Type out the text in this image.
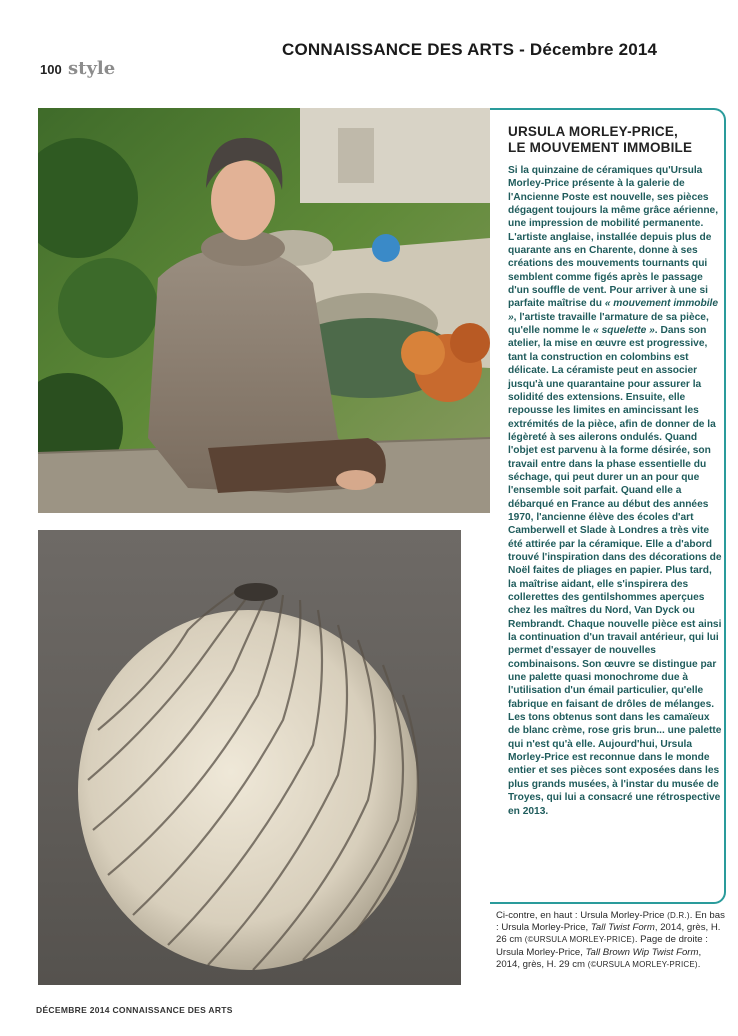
CONNAISSANCE DES ARTS - Décembre 2014
100 style
URSULA MORLEY-PRICE,
LE MOUVEMENT IMMOBILE
Si la quinzaine de céramiques qu'Ursula Morley-Price présente à la galerie de l'Ancienne Poste est nouvelle, ses pièces dégagent toujours la même grâce aérienne, une impression de mobilité permanente. L'artiste anglaise, installée depuis plus de quarante ans en Charente, donne à ses créations des mouvements tournants qui semblent comme figés après le passage d'un souffle de vent. Pour arriver à une si parfaite maîtrise du « mouvement immobile », l'artiste travaille l'armature de sa pièce, qu'elle nomme le « squelette ». Dans son atelier, la mise en œuvre est progressive, tant la construction en colombins est délicate. La céramiste peut en associer jusqu'à une quarantaine pour assurer la solidité des extensions. Ensuite, elle repousse les limites en amincissant les extrémités de la pièce, afin de donner de la légèreté à ses ailerons ondulés. Quand l'objet est parvenu à la forme désirée, son travail entre dans la phase essentielle du séchage, qui peut durer un an pour que l'ensemble soit parfait. Quand elle a débarqué en France au début des années 1970, l'ancienne élève des écoles d'art Camberwell et Slade à Londres a très vite été attirée par la céramique. Elle a d'abord trouvé l'inspiration dans des décorations de Noël faites de pliages en papier. Plus tard, la maîtrise aidant, elle s'inspirera des collerettes des gentilshommes aperçues chez les maîtres du Nord, Van Dyck ou Rembrandt. Chaque nouvelle pièce est ainsi la continuation d'un travail antérieur, qui lui permet d'essayer de nouvelles combinaisons. Son œuvre se distingue par une palette quasi monochrome due à l'utilisation d'un émail particulier, qu'elle fabrique en faisant de drôles de mélanges. Les tons obtenus sont dans les camaïeux de blanc crème, rose gris brun... une palette qui n'est qu'à elle. Aujourd'hui, Ursula Morley-Price est reconnue dans le monde entier et ses pièces sont exposées dans les plus grands musées, à l'instar du musée de Troyes, qui lui a consacré une rétrospective en 2013.
Ci-contre, en haut : Ursula Morley-Price (D.R.). En bas : Ursula Morley-Price, Tall Twist Form, 2014, grès, H. 26 cm (©URSULA MORLEY-PRICE). Page de droite : Ursula Morley-Price, Tall Brown Wip Twist Form, 2014, grès, H. 29 cm (©URSULA MORLEY-PRICE).
DÉCEMBRE 2014 CONNAISSANCE DES ARTS
